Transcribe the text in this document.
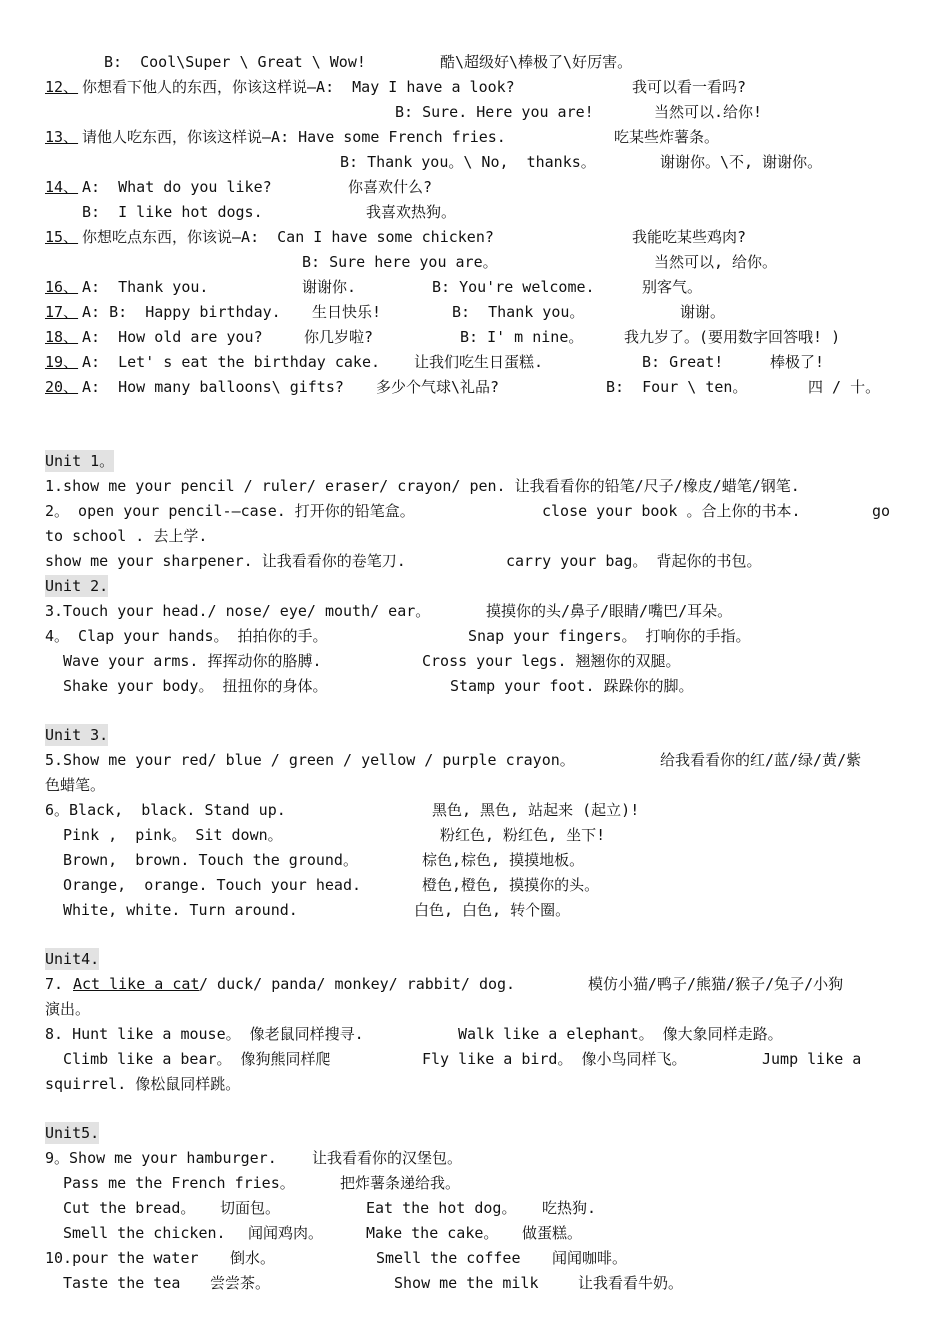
B:  Cool\Super \ Great \ Wow!	酷\超级好\棒极了\好厉害。
12、 你想看下他人的东西，你该这样说—A:  May I have a look?	我可以看一看吗?
B: Sure. Here you are!	当然可以.给你!
13、 请他人吃东西，你该这样说—A: Have some French fries.	吃某些炸薯条。
B: Thank you。\ No,  thanks。	谢谢你。\不, 谢谢你。
14、 A:  What do you like?	你喜欢什么?
B:  I like hot dogs.	我喜欢热狗。
15、 你想吃点东西，你该说—A:  Can I have some chicken?	我能吃某些鸡肉?
B: Sure here you are。	当然可以, 给你。
16、 A:  Thank you.	谢谢你.	B: You're welcome.	别客气。
17、 A: B:  Happy birthday. 生日快乐!	B:  Thank you。	谢谢。
18、 A:  How old are you?	你几岁啦?	B: I' m nine。	我九岁了。(要用数字回答哦! )
19、 A:  Let' s eat the birthday cake. 让我们吃生日蛋糕.	B: Great!	棒极了!
20、 A:  How many balloons\ gifts? 多少个气球\礼品?	B:  Four \ ten。	四 / 十。
Unit 1。
1.show me your pencil / ruler/ eraser/ crayon/ pen. 让我看看你的铅笔/尺子/橡皮/蜡笔/钢笔.
2。 open your pencil-—case. 打开你的铅笔盒。	close your book 。合上你的书本.	go
to school . 去上学.
show me your sharpener. 让我看看你的卷笔刀.	carry your bag。 背起你的书包。
Unit 2.
3.Touch your head./ nose/ eye/ mouth/ ear。	摸摸你的头/鼻子/眼睛/嘴巴/耳朵。
4。 Clap your hands。 拍拍你的手。	Snap your fingers。 打响你的手指。
Wave your arms. 挥挥动你的胳膊.	Cross your legs. 翘翘你的双腿。
Shake your body。 扭扭你的身体。	Stamp your foot. 跺跺你的脚。
Unit 3.
5.Show me your red/ blue / green / yellow / purple crayon。	给我看看你的红/蓝/绿/黄/紫
色蜡笔。
6。Black,  black. Stand up.	黑色, 黑色, 站起来 (起立)!
Pink ,  pink。 Sit down。	粉红色, 粉红色, 坐下!
Brown,  brown. Touch the ground。	棕色,棕色, 摸摸地板。
Orange,  orange. Touch your head.	橙色,橙色, 摸摸你的头。
White, white. Turn around.	白色, 白色, 转个圈。
Unit4.
7. Act like a cat / duck/ panda/ monkey/ rabbit/ dog.	模仿小猫/鸭子/熊猫/猴子/兔子/小狗
演出。
8. Hunt like a mouse。 像老鼠同样搜寻.	Walk like a elephant。 像大象同样走路。
Climb like a bear。 像狗熊同样爬	Fly like a bird。 像小鸟同样飞。	Jump like a
squirrel. 像松鼠同样跳。
Unit5.
9。Show me your hamburger. 让我看看你的汉堡包。
Pass me the French fries。	把炸薯条递给我。
Cut the bread。 切面包。	Eat the hot dog。 吃热狗.
Smell the chicken. 闻闻鸡肉。	Make the cake。 做蛋糕。
10.pour the water 倒水。	Smell the coffee 闻闻咖啡。
Taste the tea 尝尝茶。	Show me the milk	让我看看牛奶。
